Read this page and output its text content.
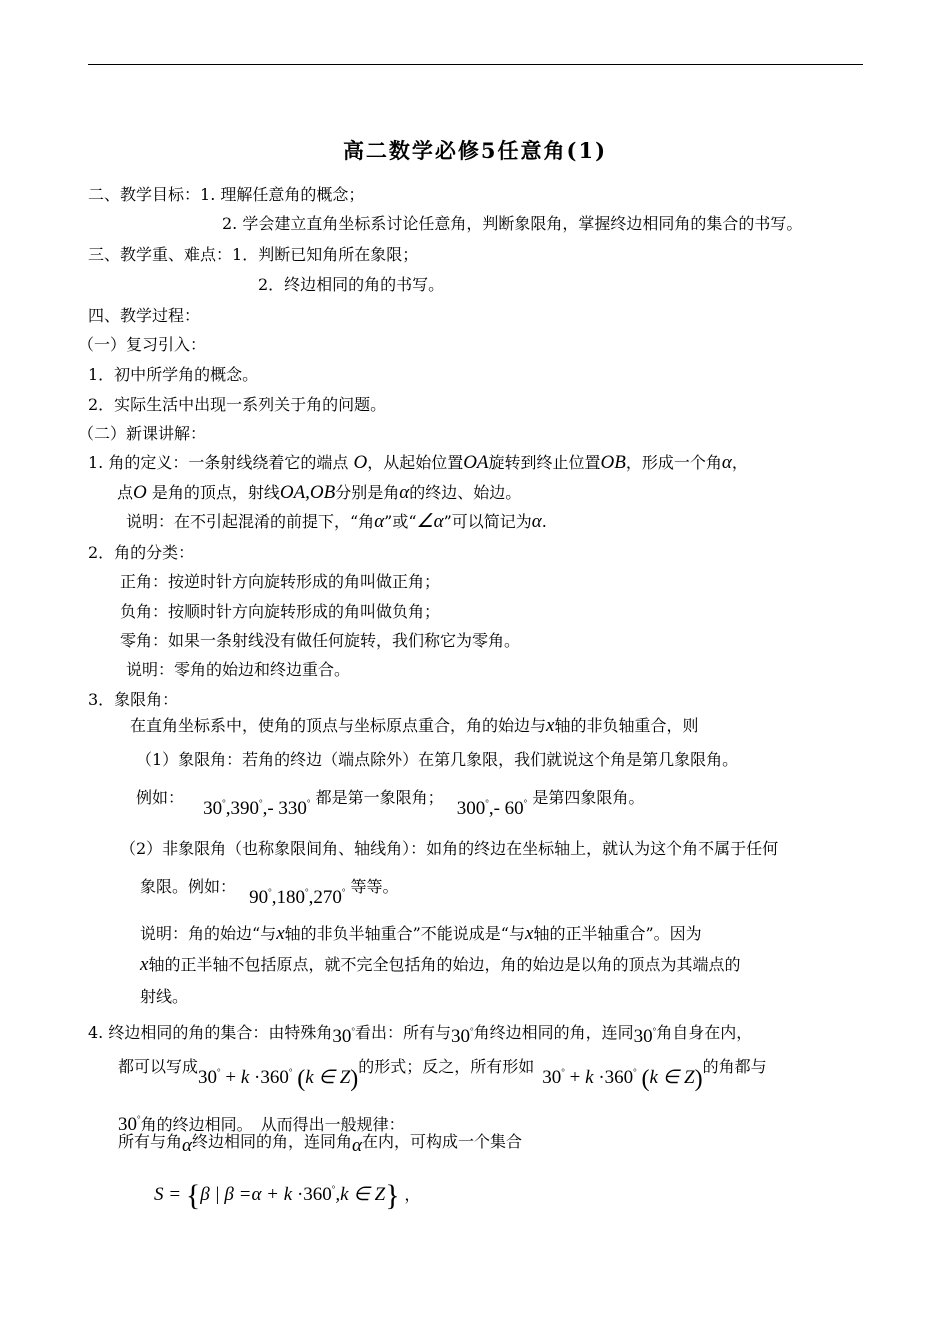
高二数学必修5任意角(1)
二、教学目标：1. 理解任意角的概念；
2. 学会建立直角坐标系讨论任意角，判断象限角，掌握终边相同角的集合的书写。
三、教学重、难点：1．判断已知角所在象限；
2．终边相同的角的书写。
四、教学过程：
（一）复习引入：
1．初中所学角的概念。
2．实际生活中出现一系列关于角的问题。
（二）新课讲解：
1. 角的定义：一条射线绕着它的端点 O，从起始位置OA旋转到终止位置OB，形成一个角α，
点O 是角的顶点，射线OA,OB分别是角α的终边、始边。
说明：在不引起混淆的前提下，“角α”或“∠α”可以简记为α.
2．角的分类：
正角：按逆时针方向旋转形成的角叫做正角；
负角：按顺时针方向旋转形成的角叫做负角；
零角：如果一条射线没有做任何旋转，我们称它为零角。
说明：零角的始边和终边重合。
3．象限角：
在直角坐标系中，使角的顶点与坐标原点重合，角的始边与x轴的非负轴重合，则
（1）象限角：若角的终边（端点除外）在第几象限，我们就说这个角是第几象限角。
例如： 30°,390°,- 330° 都是第一象限角； 300°,- 60° 是第四象限角。
（2）非象限角（也称象限间角、轴线角）：如角的终边在坐标轴上，就认为这个角不属于任何
象限。例如： 90°,180°,270° 等等。
说明：角的始边“与x轴的非负半轴重合”不能说成是“与x轴的正半轴重合”。因为
x轴的正半轴不包括原点，就不完全包括角的始边，角的始边是以角的顶点为其端点的
射线。
4. 终边相同的角的集合：由特殊角30°看出：所有与30°角终边相同的角，连同30°角自身在内，
都可以写成30° + k ·360° (k ∈ Z)的形式；反之，所有形如30° + k ·360° (k ∈ Z)的角都与
30°角的终边相同。　从而得出一般规律：
所有与角α终边相同的角，连同角α在内，可构成一个集合
S = {β | β =α + k ·360°,k ∈ Z} ，
